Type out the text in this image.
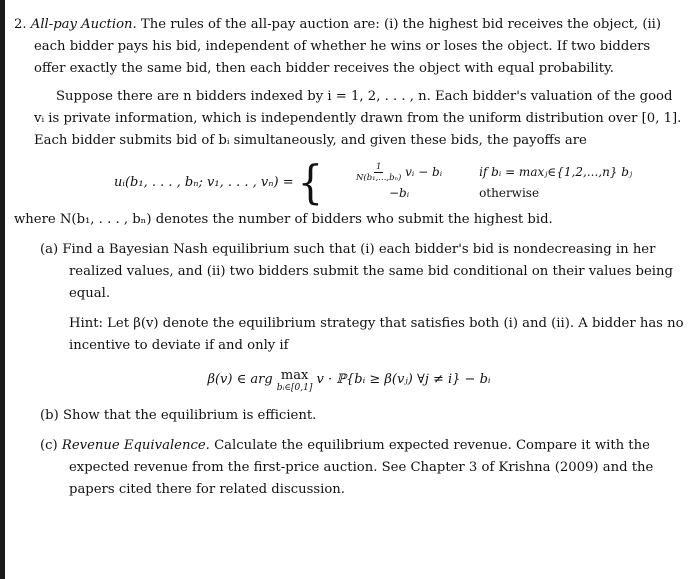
2. All-pay Auction. The rules of the all-pay auction are: (i) the highest bid receives the object, (ii) each bidder pays his bid, independent of whether he wins or loses the object. If two bidders offer exactly the same bid, then each bidder receives the object with equal probability.

Suppose there are n bidders indexed by i = 1, 2, . . . , n. Each bidder's valuation of the good vᵢ is private information, which is independently drawn from the uniform distribution over [0, 1]. Each bidder submits bid of bᵢ simultaneously, and given these bids, the payoffs are

uᵢ(b₁, . . . , bₙ; v₁, . . . , vₙ) = {	$\frac{1}{\text{N(b₁,...,bₙ)}}$ vᵢ − bᵢ	if bᵢ = maxⱼ∈{1,2,...,n} bⱼ
−bᵢ	otherwise

where N(b₁, . . . , bₙ) denotes the number of bidders who submit the highest bid.

(a) Find a Bayesian Nash equilibrium such that (i) each bidder's bid is nondecreasing in her realized values, and (ii) two bidders submit the same bid conditional on their values being equal.

Hint: Let β(v) denote the equilibrium strategy that satisfies both (i) and (ii). A bidder has no incentive to deviate if and only if

β(v) ∈ arg max
bᵢ∈[0,1]
v · ℙ{bᵢ ≥ β(vⱼ) ∀j ≠ i} − bᵢ

(b) Show that the equilibrium is efficient.

(c) Revenue Equivalence. Calculate the equilibrium expected revenue. Compare it with the expected revenue from the first-price auction. See Chapter 3 of Krishna (2009) and the papers cited there for related discussion.
